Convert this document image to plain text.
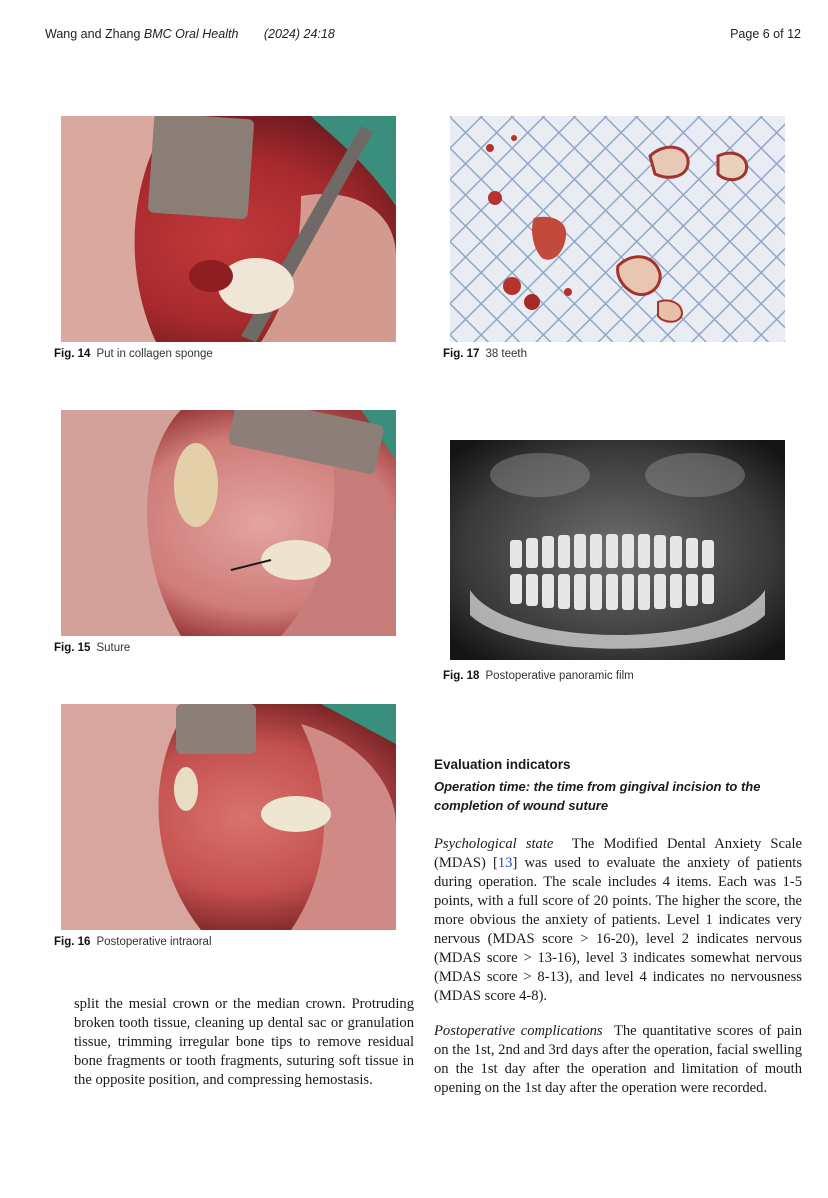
Wang and Zhang BMC Oral Health (2024) 24:18	Page 6 of 12
Fig. 14 Put in collagen sponge	Fig. 17 38 teeth
Fig. 15 Suture
Fig. 18 Postoperative panoramic film
Fig. 16 Postoperative intraoral
split the mesial crown or the median crown. Protruding broken tooth tissue, cleaning up dental sac or granulation tissue, trimming irregular bone tips to remove residual bone fragments or tooth fragments, suturing soft tissue in the opposite position, and compressing hemostasis.
Evaluation indicators
Operation time: the time from gingival incision to the completion of wound suture
Psychological state The Modified Dental Anxiety Scale (MDAS) [13] was used to evaluate the anxiety of patients during operation. The scale includes 4 items. Each was 1-5 points, with a full score of 20 points. The higher the score, the more obvious the anxiety of patients. Level 1 indicates very nervous (MDAS score > 16-20), level 2 indicates nervous (MDAS score > 13-16), level 3 indicates somewhat nervous (MDAS score > 8-13), and level 4 indicates no nervousness (MDAS score 4-8).
Postoperative complications The quantitative scores of pain on the 1st, 2nd and 3rd days after the operation, facial swelling on the 1st day after the operation and limitation of mouth opening on the 1st day after the operation were recorded.
